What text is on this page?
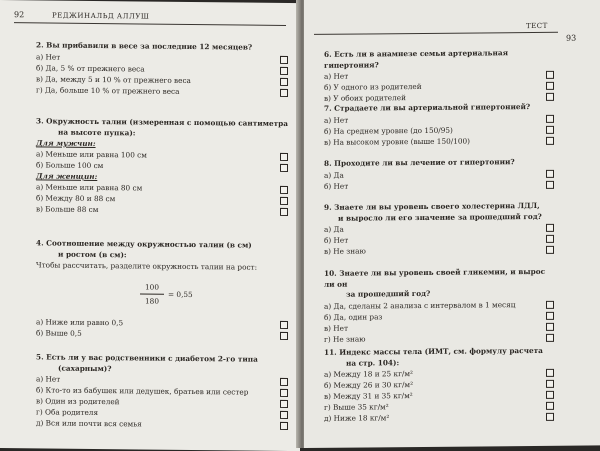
92	РЕДЖИНАЛЬД АЛЛУШ
2. Вы прибавили в весе за последние 12 месяцев?
а) Нет
б) Да, 5 % от прежнего веса
в) Да, между 5 и 10 % от прежнего веса
г) Да, больше 10 % от прежнего веса
3. Окружность талии (измеренная с помощью сантиметра
на высоте пупка):
Для мужчин:
а) Меньше или равна 100 см
б) Больше 100 см
Для женщин:
а) Меньше или равна 80 см
б) Между 80 и 88 см
в) Больше 88 см
4. Соотношение между окружностью талии (в см)
и ростом (в см):
Чтобы рассчитать, разделите окружность талии на рост:
100
180
= 0,55
а) Ниже или равно 0,5
б) Выше 0,5
5. Есть ли у вас родственники с диабетом 2-го типа
(сахарным)?
а) Нет
б) Кто-то из бабушек или дедушек, братьев или сестер
в) Один из родителей
г) Оба родителя
д) Вся или почти вся семья
ТЕСТ
93
6. Есть ли в анамнезе семьи артериальная гипертония?
а) Нет
б) У одного из родителей
в) У обоих родителей
7. Страдаете ли вы артериальной гипертонией?
а) Нет
б) На среднем уровне (до 150/95)
в) На высоком уровне (выше 150/100)
8. Проходите ли вы лечение от гипертонии?
а) Да
б) Нет
9. Знаете ли вы уровень своего холестерина ЛДЛ,
и выросло ли его значение за прошедший год?
а) Да
б) Нет
в) Не знаю
10. Знаете ли вы уровень своей гликемии, и вырос ли он
за прошедший год?
а) Да, сделаны 2 анализа с интервалом в 1 месяц
б) Да, один раз
в) Нет
г) Не знаю
11. Индекс массы тела (ИМТ, см. формулу расчета
на стр. 104):
а) Между 18 и 25 кг/м²
б) Между 26 и 30 кг/м²
в) Между 31 и 35 кг/м²
г) Выше 35 кг/м²
д) Ниже 18 кг/м²
